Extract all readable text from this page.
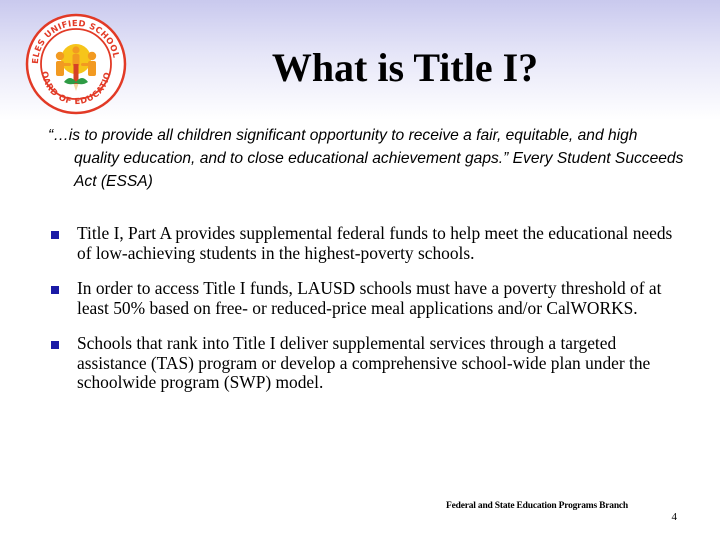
ELES UNIFIED SCHOOL
OARD OF EDUCATIO	What is Title I?
“…is to provide all children significant opportunity to receive a fair, equitable, and high quality education, and to close educational achievement gaps.” Every Student Succeeds Act (ESSA)
Title I, Part A provides supplemental federal funds to help meet the educational needs of low-achieving students in the highest-poverty schools.
In order to access Title I funds, LAUSD schools must have a poverty threshold of at least 50% based on free- or reduced-price meal applications and/or CalWORKS.
Schools that rank into Title I deliver supplemental services through a targeted assistance (TAS) program or develop a comprehensive school-wide plan under the schoolwide program (SWP) model.
Federal and State Education Programs Branch
4
